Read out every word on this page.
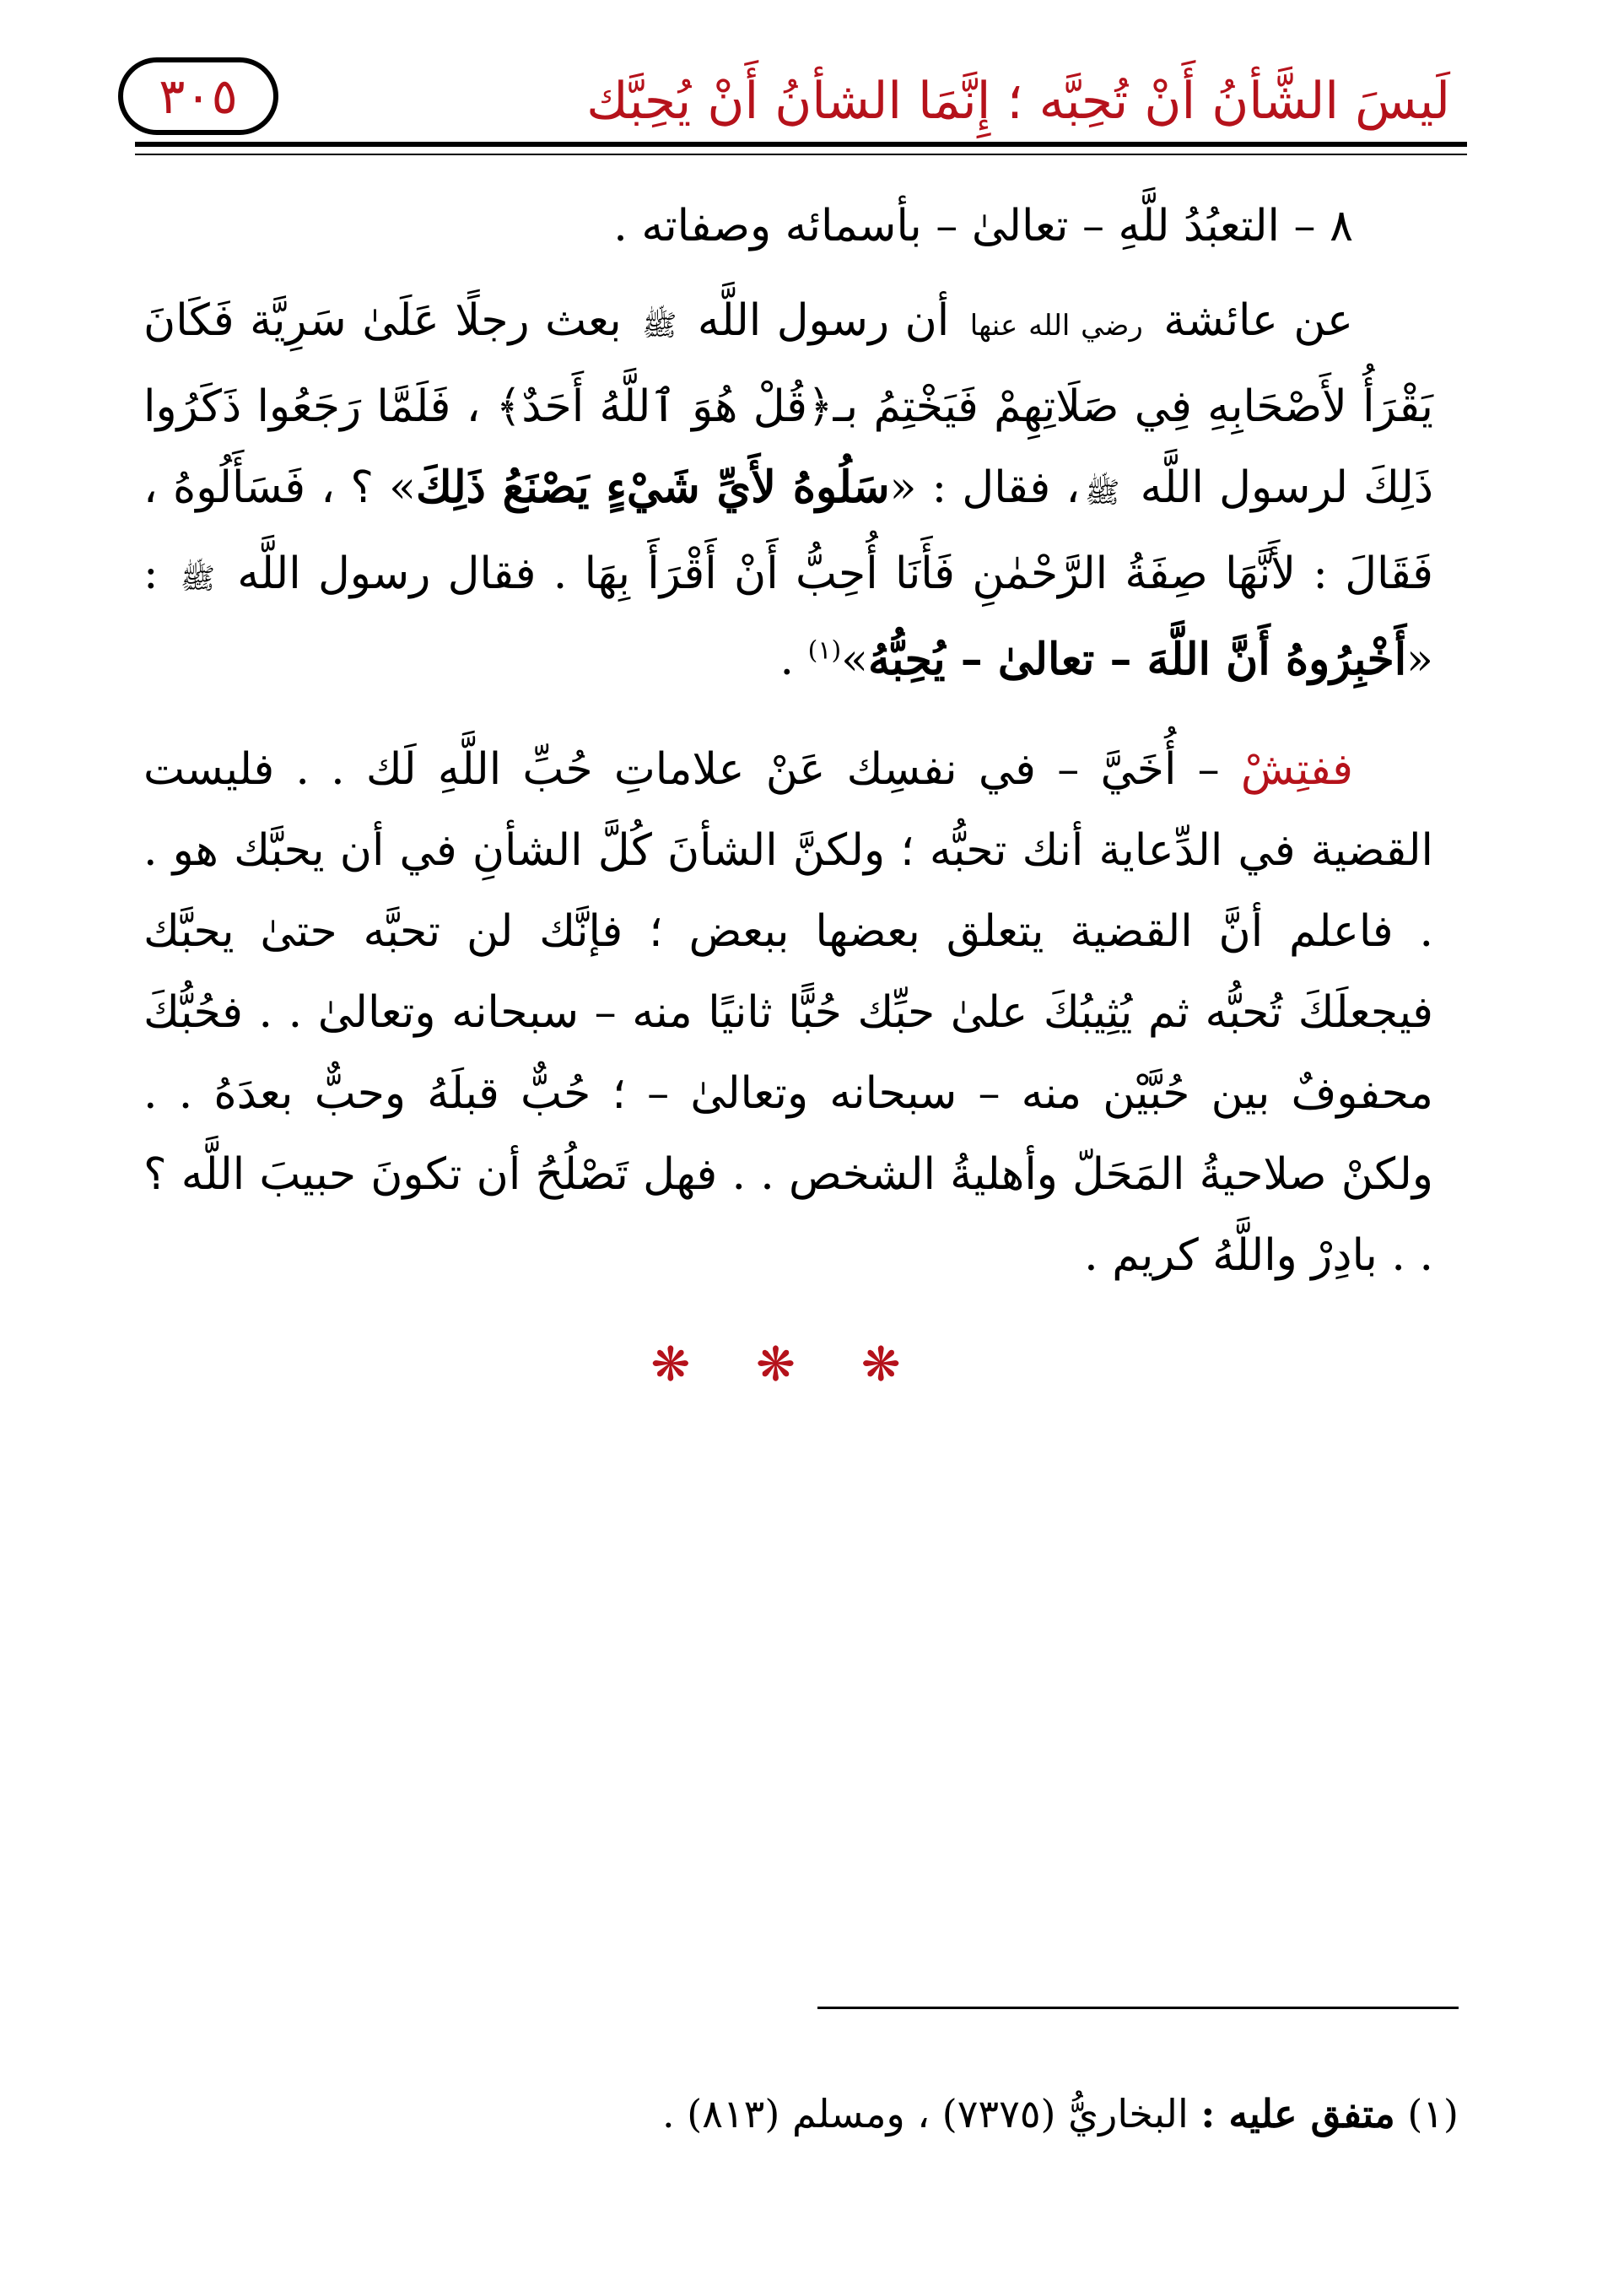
لَيسَ الشَّأنُ أَنْ تُحِبَّه ؛ إِنَّمَا الشأنُ أَنْ يُحِبَّك
٣٠٥

٨ – التعبُدُ للَّهِ – تعالىٰ – بأسمائه وصفاته .

عن عائشة رضي الله عنها أن رسول اللَّه ﷺ بعث رجلًا عَلَىٰ سَرِيَّة فَكَانَ يَقْرَأُ لأَصْحَابِهِ فِي صَلَاتِهِمْ فَيَخْتِمُ بـ﴿قُلْ هُوَ ٱللَّهُ أَحَدٌ﴾ ، فَلَمَّا رَجَعُوا ذَكَرُوا ذَلِكَ لرسول اللَّه ﷺ، فقال : «سَلُوهُ لأَيِّ شَيْءٍ يَصْنَعُ ذَلِكَ» ؟ ، فَسَأَلُوهُ ، فَقَالَ : لأَنَّهَا صِفَةُ الرَّحْمٰنِ فَأَنَا أُحِبُّ أَنْ أَقْرَأَ بِهَا . فقال رسول اللَّه ﷺ : «أَخْبِرُوهُ أَنَّ اللَّهَ – تعالىٰ – يُحِبُّهُ»$^{(١)}$ .

ففتِشْ – أُخَيَّ – في نفسِك عَنْ علاماتِ حُبِّ اللَّهِ لَك . . فليست القضية في الدِّعاية أنك تحبُّه ؛ ولكنَّ الشأنَ كُلَّ الشأنِ في أن يحبَّك هو . . فاعلم أنَّ القضية يتعلق بعضها ببعض ؛ فإنَّك لن تحبَّه حتىٰ يحبَّك فيجعلَكَ تُحبُّه ثم يُثِيبُكَ علىٰ حبِّك حُبًّا ثانيًا منه – سبحانه وتعالىٰ . . فحُبُّكَ محفوفٌ بين حُبَّيْن منه – سبحانه وتعالىٰ – ؛ حُبٌّ قبلَهُ وحبٌّ بعدَهُ . . ولكنْ صلاحيةُ المَحَلّ وأهليةُ الشخص . . فهل تَصْلُحُ أن تكونَ حبيبَ اللَّه ؟ . . بادِرْ واللَّهُ كريم .

❋ ❋ ❋
(١) متفق عليه : البخاريُّ (٧٣٧٥) ، ومسلم (٨١٣) .
